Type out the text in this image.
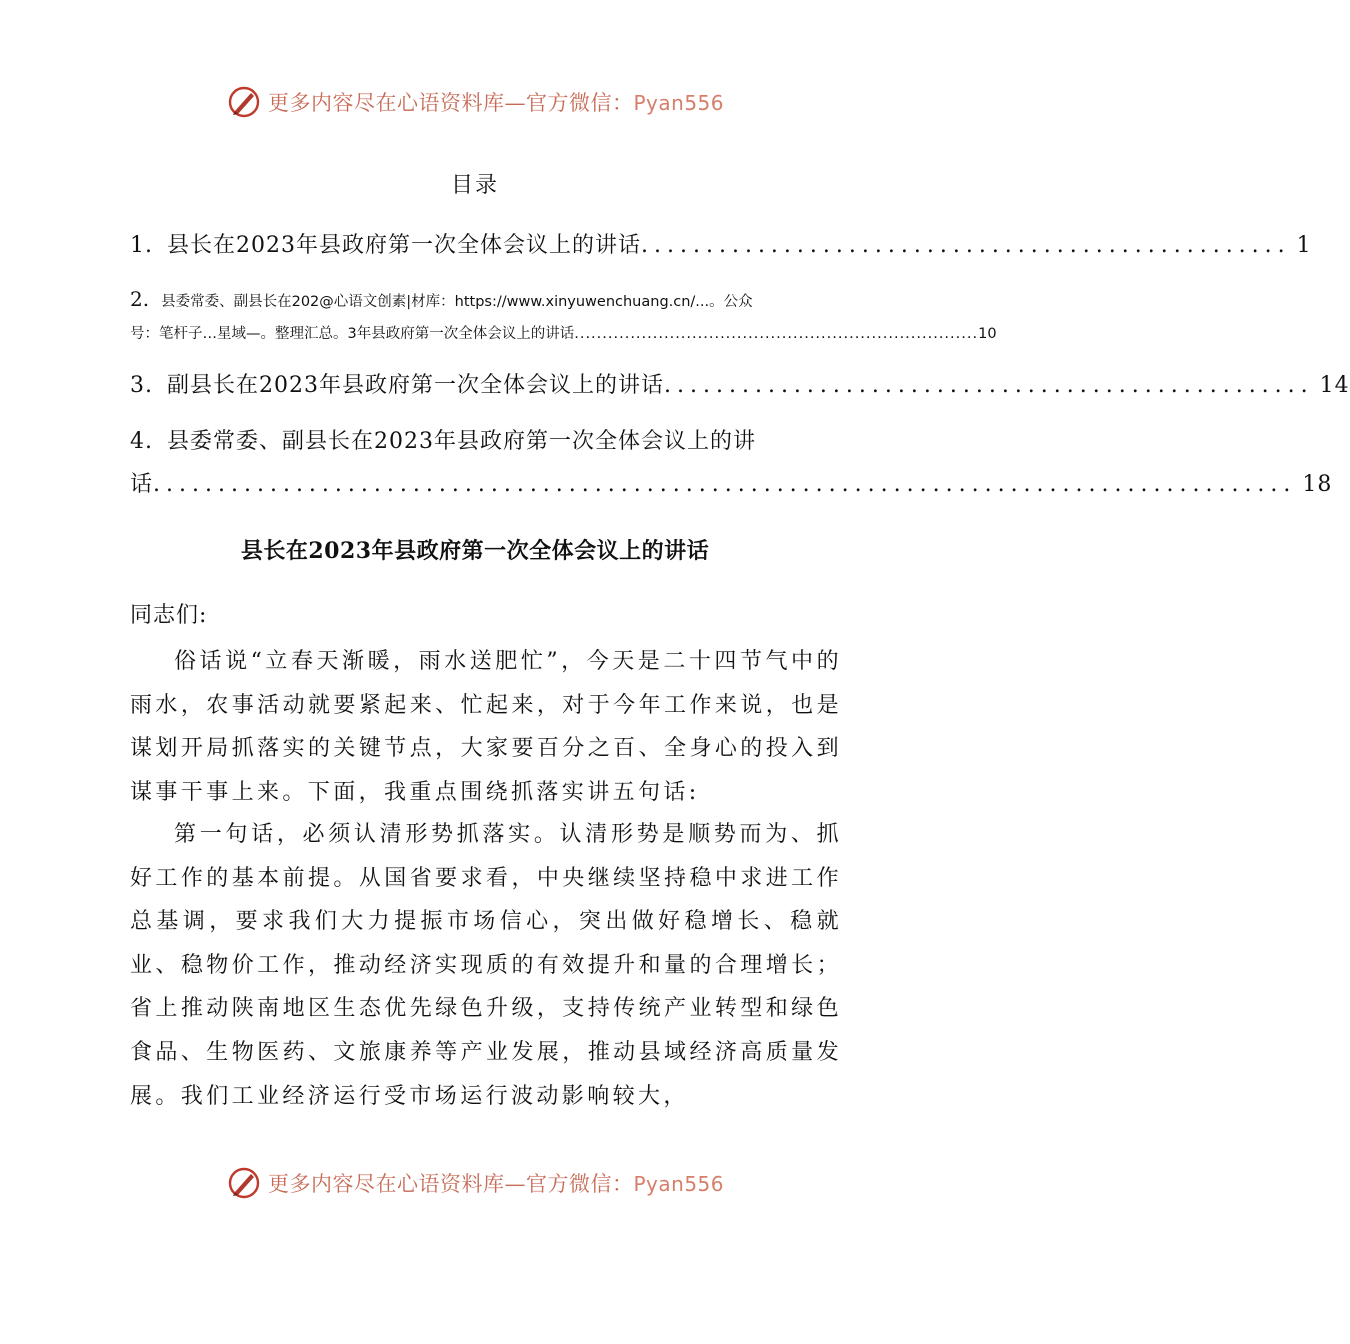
更多内容尽在心语资料库—官方微信：Pyan556
目录
1. 县长在2023年县政府第一次全体会议上的讲话 .................................................. 1
2. 县委常委、副县长在202@心语文创素|材库：https://www.xinyuwenchuang.cn/...。公众
号：笔杆子…星域—。整理汇总。3年县政府第一次全体会议上的讲话 ........................................................................ 10
3. 副县长在2023年县政府第一次全体会议上的讲话 .................................................. 14
4. 县委常委、副县长在2023年县政府第一次全体会议上的讲
话 ........................................................................................ 18
县长在2023年县政府第一次全体会议上的讲话
同志们:
俗话说“立春天渐暖，雨水送肥忙”，今天是二十四节气中的雨水，农事活动就要紧起来、忙起来，对于今年工作来说，也是谋划开局抓落实的关键节点，大家要百分之百、全身心的投入到谋事干事上来。下面，我重点围绕抓落实讲五句话:
第一句话，必须认清形势抓落实。认清形势是顺势而为、抓好工作的基本前提。从国省要求看，中央继续坚持稳中求进工作总基调，要求我们大力提振市场信心，突出做好稳增长、稳就业、稳物价工作，推动经济实现质的有效提升和量的合理增长；省上推动陕南地区生态优先绿色升级，支持传统产业转型和绿色食品、生物医药、文旅康养等产业发展，推动县域经济高质量发展。我们工业经济运行受市场运行波动影响较大，
更多内容尽在心语资料库—官方微信：Pyan556
